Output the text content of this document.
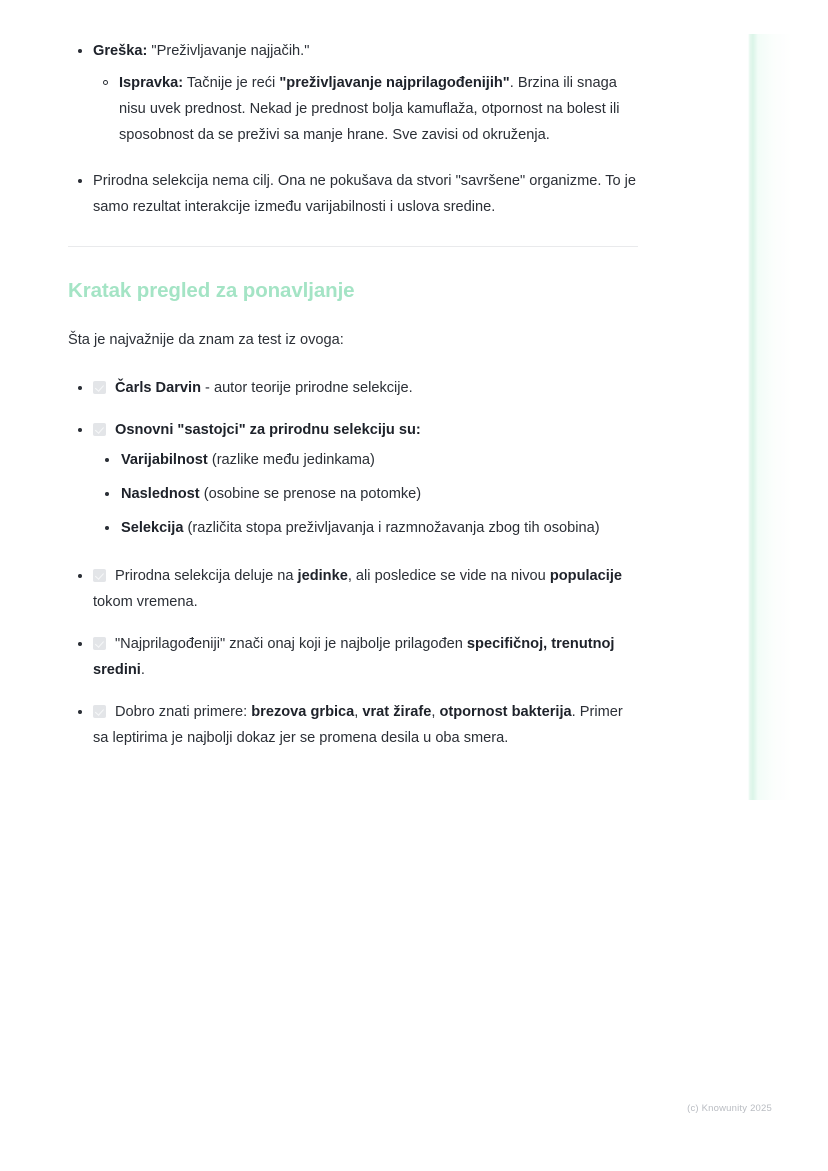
Greška: "Preživljavanje najjačih."
Ispravka: Tačnije je reći "preživljavanje najprilagođenijih". Brzina ili snaga nisu uvek prednost. Nekad je prednost bolja kamuflaža, otpornost na bolest ili sposobnost da se preživi sa manje hrane. Sve zavisi od okruženja.
Prirodna selekcija nema cilj. Ona ne pokušava da stvori "savršene" organizme. To je samo rezultat interakcije između varijabilnosti i uslova sredine.
Kratak pregled za ponavljanje

Šta je najvažnije da znam za test iz ovoga:

Čarls Darvin - autor teorije prirodne selekcije.
Osnovni "sastojci" za prirodnu selekciju su:
Varijabilnost (razlike među jedinkama)
Naslednost (osobine se prenose na potomke)
Selekcija (različita stopa preživljavanja i razmnožavanja zbog tih osobina)
Prirodna selekcija deluje na jedinke, ali posledice se vide na nivou populacije tokom vremena.
"Najprilagođeniji" znači onaj koji je najbolje prilagođen specifičnoj, trenutnoj sredini.
Dobro znati primere: brezova grbica, vrat žirafe, otpornost bakterija. Primer sa leptirima je najbolji dokaz jer se promena desila u oba smera.
(c) Knowunity 2025
